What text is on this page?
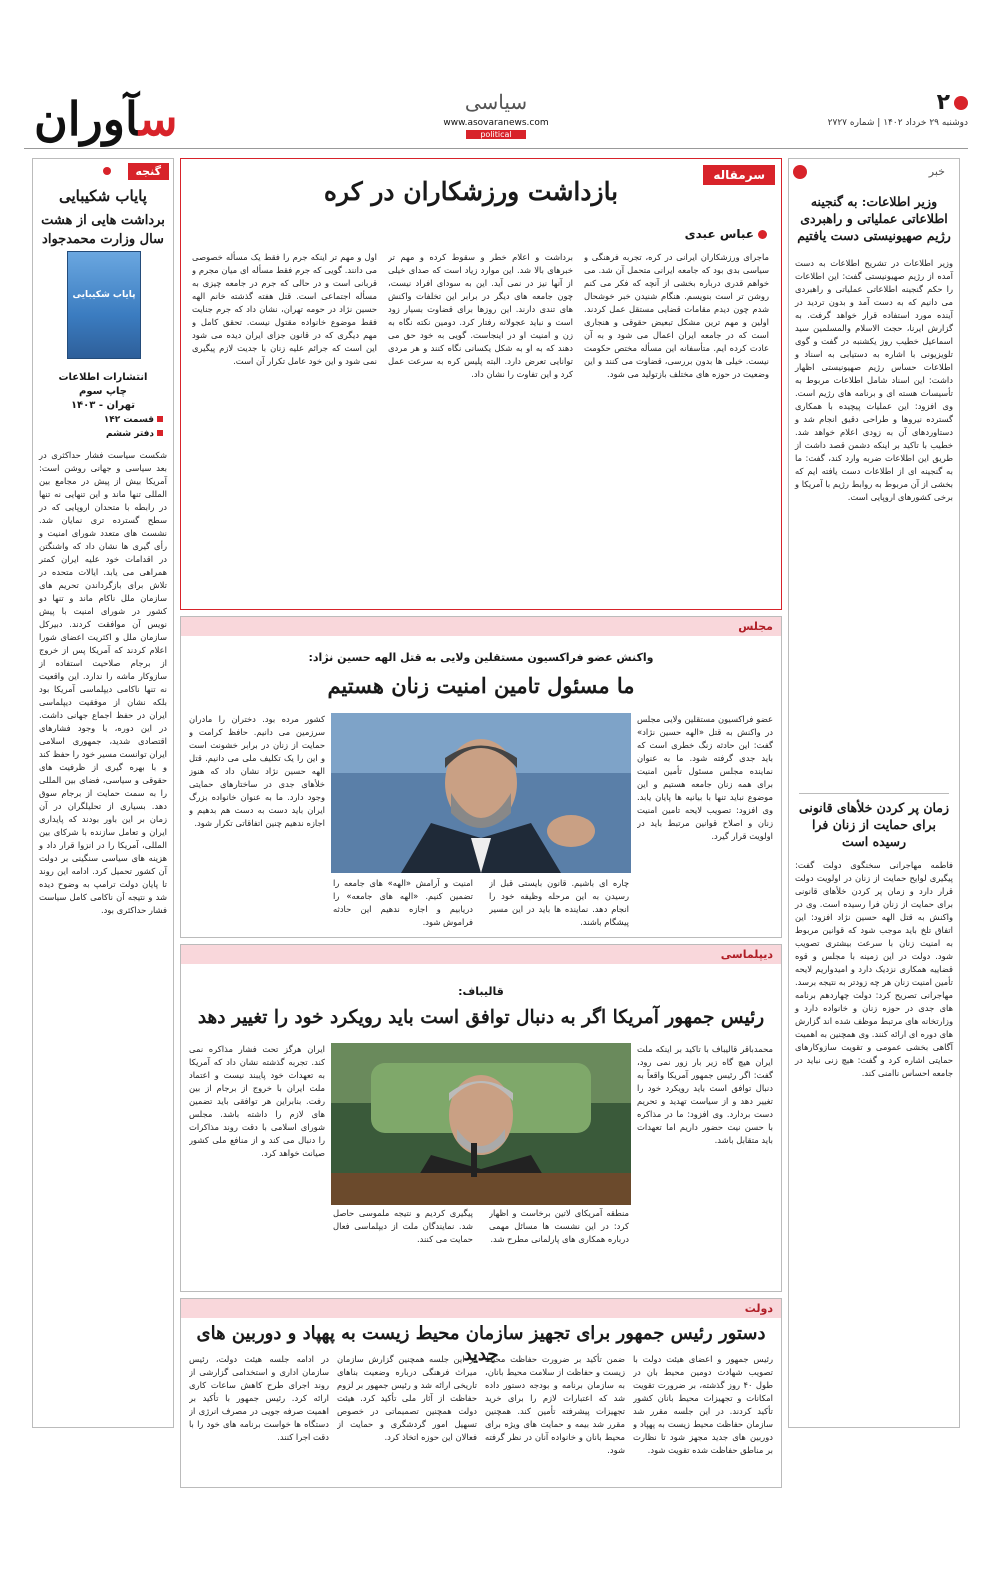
۲
دوشنبه ۲۹ خرداد ۱۴۰۲ | شماره ۲۷۲۷
سیاسی
www.asovaranews.com
political
سآوران
گنجه
پایاب شکیبایی
برداشت هایی از هشت سال وزارت محمدجواد
پایاب شکیبایی
انتشارات اطلاعات
چاپ سوم
تهران - ۱۴۰۳
قسمت ۱۴۲
دفتر ششم
شکست سیاست فشار حداکثری در بعد سیاسی و جهانی روشن است: آمریکا بیش از پیش در مجامع بین المللی تنها ماند و این تنهایی نه تنها در رابطه با متحدان اروپایی که در سطح گسترده تری نمایان شد. نشست های متعدد شورای امنیت و رأی گیری ها نشان داد که واشنگتن در اقدامات خود علیه ایران کمتر همراهی می یابد. ایالات متحده در تلاش برای بازگرداندن تحریم های سازمان ملل ناکام ماند و تنها دو کشور در شورای امنیت با پیش نویس آن موافقت کردند. دبیرکل سازمان ملل و اکثریت اعضای شورا اعلام کردند که آمریکا پس از خروج از برجام صلاحیت استفاده از سازوکار ماشه را ندارد. این واقعیت نه تنها ناکامی دیپلماسی آمریکا بود بلکه نشان از موفقیت دیپلماسی ایران در حفظ اجماع جهانی داشت. در این دوره، با وجود فشارهای اقتصادی شدید، جمهوری اسلامی ایران توانست مسیر خود را حفظ کند و با بهره گیری از ظرفیت های حقوقی و سیاسی، فضای بین المللی را به سمت حمایت از برجام سوق دهد. بسیاری از تحلیلگران در آن زمان بر این باور بودند که پایداری ایران و تعامل سازنده با شرکای بین المللی، آمریکا را در انزوا قرار داد و هزینه های سیاسی سنگینی بر دولت آن کشور تحمیل کرد. ادامه این روند تا پایان دولت ترامپ به وضوح دیده شد و نتیجه آن ناکامی کامل سیاست فشار حداکثری بود.
خبر
وزیر اطلاعات: به گنجینه اطلاعاتی عملیاتی و راهبردی رژیم صهیونیستی دست یافتیم
وزیر اطلاعات در تشریح اطلاعات به دست آمده از رژیم صهیونیستی گفت: این اطلاعات را حکم گنجینه اطلاعاتی عملیاتی و راهبردی می دانیم که به دست آمد و بدون تردید در آینده مورد استفاده قرار خواهد گرفت. به گزارش ایرنا، حجت الاسلام والمسلمین سید اسماعیل خطیب روز یکشنبه در گفت و گوی تلویزیونی با اشاره به دستیابی به اسناد و اطلاعات حساس رژیم صهیونیستی اظهار داشت: این اسناد شامل اطلاعات مربوط به تأسیسات هسته ای و برنامه های رژیم است. وی افزود: این عملیات پیچیده با همکاری گسترده نیروها و طراحی دقیق انجام شد و دستاوردهای آن به زودی اعلام خواهد شد. خطیب با تاکید بر اینکه دشمن قصد داشت از طریق این اطلاعات ضربه وارد کند، گفت: ما به گنجینه ای از اطلاعات دست یافته ایم که بخشی از آن مربوط به روابط رژیم با آمریکا و برخی کشورهای اروپایی است.
زمان پر کردن خلأهای قانونی برای حمایت از زنان فرا رسیده است
فاطمه مهاجرانی سخنگوی دولت گفت: پیگیری لوایح حمایت از زنان در اولویت دولت قرار دارد و زمان پر کردن خلأهای قانونی برای حمایت از زنان فرا رسیده است. وی در واکنش به قتل الهه حسین نژاد افزود: این اتفاق تلخ باید موجب شود که قوانین مربوط به امنیت زنان با سرعت بیشتری تصویب شود. دولت در این زمینه با مجلس و قوه قضاییه همکاری نزدیک دارد و امیدواریم لایحه تأمین امنیت زنان هر چه زودتر به نتیجه برسد. مهاجرانی تصریح کرد: دولت چهاردهم برنامه های جدی در حوزه زنان و خانواده دارد و وزارتخانه های مرتبط موظف شده اند گزارش های دوره ای ارائه کنند. وی همچنین به اهمیت آگاهی بخشی عمومی و تقویت سازوکارهای حمایتی اشاره کرد و گفت: هیچ زنی نباید در جامعه احساس ناامنی کند.
سرمقاله
بازداشت ورزشکاران در کره
عباس عبدی
ماجرای ورزشکاران ایرانی در کره، تجربه فرهنگی و سیاسی بدی بود که جامعه ایرانی متحمل آن شد. می خواهم قدری درباره بخشی از آنچه که فکر می کنم روشن تر است بنویسم. هنگام شنیدن خبر خوشحال شدم چون دیدم مقامات قضایی مستقل عمل کردند. اولین و مهم ترین مشکل تبعیض حقوقی و هنجاری است که در جامعه ایران اعمال می شود و به آن عادت کرده ایم. متأسفانه این مسأله مختص حکومت نیست. خیلی ها بدون بررسی، قضاوت می کنند و این وضعیت در حوزه های مختلف بازتولید می شود.
برداشت و اعلام خطر و سقوط کرده و مهم تر خبرهای بالا شد. این موارد زیاد است که صدای خیلی از آنها نیز در نمی آید. این به سودای افراد نیست، چون جامعه های دیگر در برابر این تخلفات واکنش های تندی دارند. این روزها برای قضاوت بسیار زود است و نباید عجولانه رفتار کرد. دومین نکته نگاه به زن و امنیت او در اینجاست. گویی به خود حق می دهند که به او به شکل یکسانی نگاه کنند و هر مردی توانایی تعرض دارد. البته پلیس کره به سرعت عمل کرد و این تفاوت را نشان داد.
اول و مهم تر اینکه جرم را فقط یک مسأله خصوصی می دانند. گویی که جرم فقط مسأله ای میان مجرم و قربانی است و در حالی که جرم در جامعه چیزی به مسأله اجتماعی است. قتل هفته گذشته خانم الهه حسین نژاد در حومه تهران، نشان داد که جرم جنایت فقط موضوع خانواده مقتول نیست. تحقق کامل و مهم دیگری که در قانون جزای ایران دیده می شود این است که جرائم علیه زنان با جدیت لازم پیگیری نمی شود و این خود عامل تکرار آن است.
مجلس
واکنش عضو فراکسیون مستقلین ولایی به قتل الهه حسین نژاد:
ما مسئول تامین امنیت زنان هستیم
عضو فراکسیون مستقلین ولایی مجلس در واکنش به قتل «الهه حسین نژاد» گفت: این حادثه زنگ خطری است که باید جدی گرفته شود. ما به عنوان نماینده مجلس مسئول تأمین امنیت برای همه زنان جامعه هستیم و این موضوع نباید تنها با بیانیه ها پایان یابد. وی افزود: تصویب لایحه تامین امنیت زنان و اصلاح قوانین مرتبط باید در اولویت قرار گیرد.
کشور مرده بود. دختران را مادران سرزمین می دانیم. حافظ کرامت و حمایت از زنان در برابر خشونت است و این را یک تکلیف ملی می دانیم. قتل الهه حسین نژاد نشان داد که هنوز خلأهای جدی در ساختارهای حمایتی وجود دارد. ما به عنوان خانواده بزرگ ایران باید دست به دست هم بدهیم و اجازه ندهیم چنین اتفاقاتی تکرار شود.
چاره ای باشیم. قانون بایستی قبل از رسیدن به این مرحله وظیفه خود را انجام دهد. نماینده ها باید در این مسیر پیشگام باشند.
امنیت و آرامش «الهه» های جامعه را تضمین کنیم. «الهه های جامعه» را دریابیم و اجازه ندهیم این حادثه فراموش شود.
دیپلماسی
قالیباف:
رئیس جمهور آمریکا اگر به دنبال توافق است باید رویکرد خود را تغییر دهد
محمدباقر قالیباف با تاکید بر اینکه ملت ایران هیچ گاه زیر بار زور نمی رود، گفت: اگر رئیس جمهور آمریکا واقعاً به دنبال توافق است باید رویکرد خود را تغییر دهد و از سیاست تهدید و تحریم دست بردارد. وی افزود: ما در مذاکره با حسن نیت حضور داریم اما تعهدات باید متقابل باشد.
ایران هرگز تحت فشار مذاکره نمی کند. تجربه گذشته نشان داد که آمریکا به تعهدات خود پایبند نیست و اعتماد ملت ایران با خروج از برجام از بین رفت. بنابراین هر توافقی باید تضمین های لازم را داشته باشد. مجلس شورای اسلامی با دقت روند مذاکرات را دنبال می کند و از منافع ملی کشور صیانت خواهد کرد.
منطقه آمریکای لاتین برخاست و اظهار کرد: در این نشست ها مسائل مهمی درباره همکاری های پارلمانی مطرح شد.
پیگیری کردیم و نتیجه ملموسی حاصل شد. نمایندگان ملت از دیپلماسی فعال حمایت می کنند.
دولت
دستور رئیس جمهور برای تجهیز سازمان محیط زیست به پهپاد و دوربین های جدید	رئیس جمهور و اعضای هیئت دولت با تصویب شهادت دومین محیط بان در طول ۴۰ روز گذشته، بر ضرورت تقویت امکانات و تجهیزات محیط بانان کشور تأکید کردند. در این جلسه مقرر شد سازمان حفاظت محیط زیست به پهپاد و دوربین های جدید مجهز شود تا نظارت بر مناطق حفاظت شده تقویت شود.
ضمن تأکید بر ضرورت حفاظت محیط زیست و حفاظت از سلامت محیط بانان، به سازمان برنامه و بودجه دستور داده شد که اعتبارات لازم را برای خرید تجهیزات پیشرفته تأمین کند. همچنین مقرر شد بیمه و حمایت های ویژه برای محیط بانان و خانواده آنان در نظر گرفته شود.
در این جلسه همچنین گزارش سازمان میراث فرهنگی درباره وضعیت بناهای تاریخی ارائه شد و رئیس جمهور بر لزوم حفاظت از آثار ملی تأکید کرد. هیئت دولت همچنین تصمیماتی در خصوص تسهیل امور گردشگری و حمایت از فعالان این حوزه اتخاذ کرد.
در ادامه جلسه هیئت دولت، رئیس سازمان اداری و استخدامی گزارشی از روند اجرای طرح کاهش ساعات کاری ارائه کرد. رئیس جمهور با تأکید بر اهمیت صرفه جویی در مصرف انرژی از دستگاه ها خواست برنامه های خود را با دقت اجرا کنند.
